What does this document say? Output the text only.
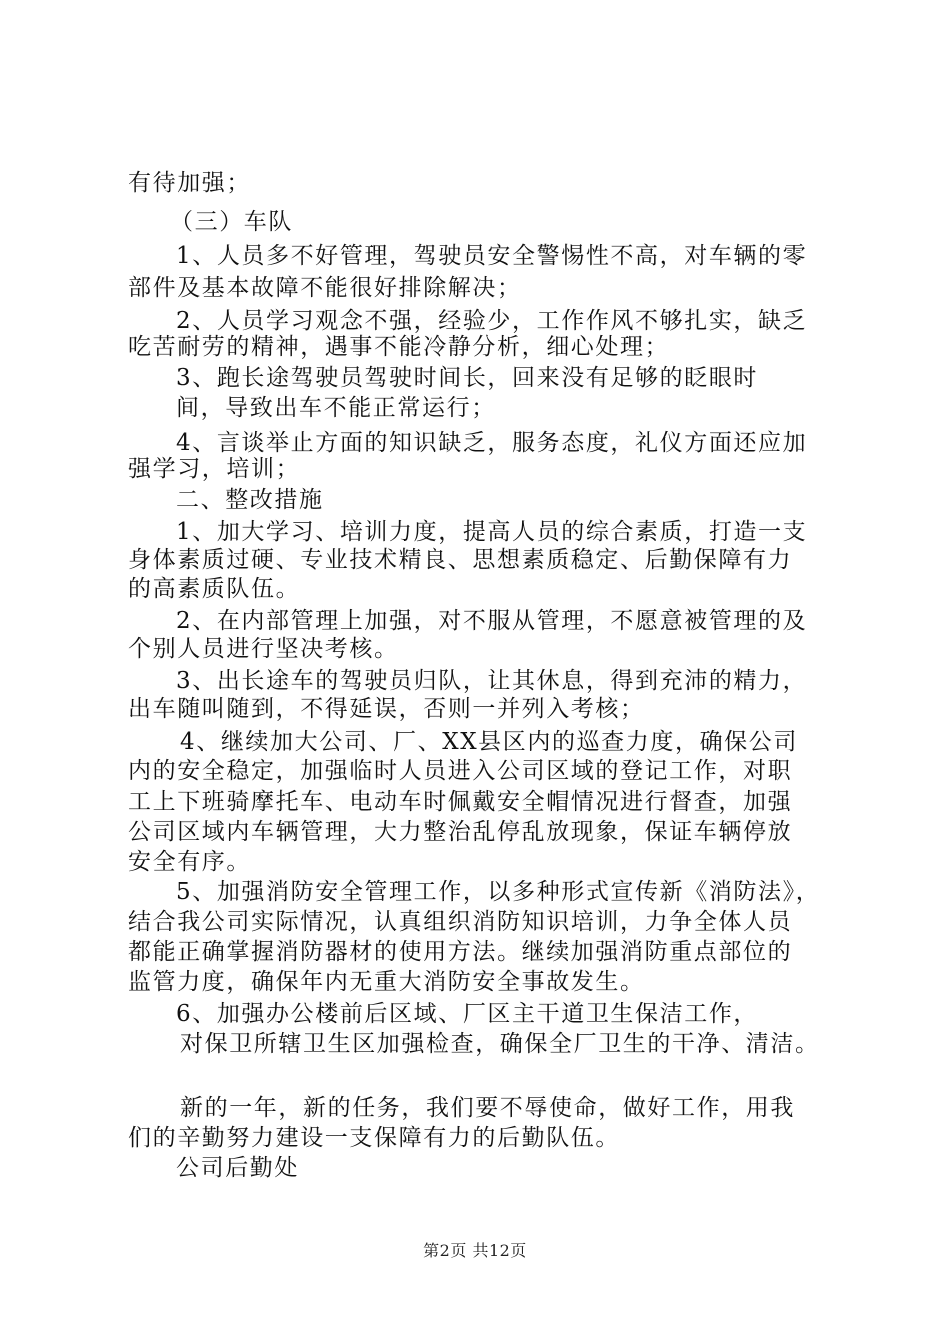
有待加强；
（三）车队
1、人员多不好管理，驾驶员安全警惕性不高，对车辆的零
部件及基本故障不能很好排除解决；
2、人员学习观念不强，经验少，工作作风不够扎实，缺乏
吃苦耐劳的精神，遇事不能冷静分析，细心处理；
3、跑长途驾驶员驾驶时间长，回来没有足够的眨眼时
间，导致出车不能正常运行；
4、言谈举止方面的知识缺乏，服务态度，礼仪方面还应加
强学习，培训；
二、整改措施
1、加大学习、培训力度，提高人员的综合素质，打造一支
身体素质过硬、专业技术精良、思想素质稳定、后勤保障有力
的高素质队伍。
2、在内部管理上加强，对不服从管理，不愿意被管理的及
个别人员进行坚决考核。
3、出长途车的驾驶员归队，让其休息，得到充沛的精力，
出车随叫随到，不得延误，否则一并列入考核；
4、继续加大公司、厂、XX县区内的巡查力度，确保公司
内的安全稳定，加强临时人员进入公司区域的登记工作，对职
工上下班骑摩托车、电动车时佩戴安全帽情况进行督查，加强
公司区域内车辆管理，大力整治乱停乱放现象，保证车辆停放
安全有序。
5、加强消防安全管理工作，以多种形式宣传新《消防法》，
结合我公司实际情况，认真组织消防知识培训，力争全体人员
都能正确掌握消防器材的使用方法。继续加强消防重点部位的
监管力度，确保年内无重大消防安全事故发生。
6、加强办公楼前后区域、厂区主干道卫生保洁工作，
对保卫所辖卫生区加强检查，确保全厂卫生的干净、清洁。
新的一年，新的任务，我们要不辱使命，做好工作，用我
们的辛勤努力建设一支保障有力的后勤队伍。
公司后勤处
第2页 共12页
